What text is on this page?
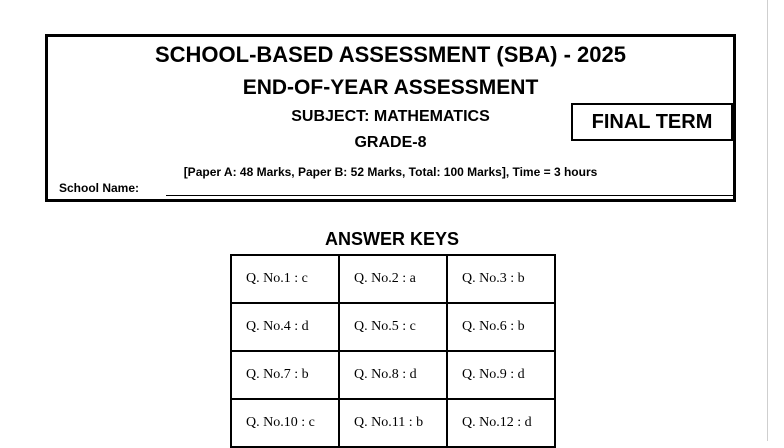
SCHOOL-BASED ASSESSMENT (SBA) - 2025
END-OF-YEAR ASSESSMENT
SUBJECT: MATHEMATICS
GRADE-8
[Paper A: 48 Marks, Paper B: 52 Marks, Total: 100 Marks], Time = 3 hours
FINAL TERM
School Name:
ANSWER KEYS
Q. No.1 : c	Q. No.2 : a	Q. No.3 : b
Q. No.4 : d	Q. No.5 : c	Q. No.6 : b
Q. No.7 : b	Q. No.8 : d	Q. No.9 : d
Q. No.10 : c	Q. No.11 : b	Q. No.12 : d
